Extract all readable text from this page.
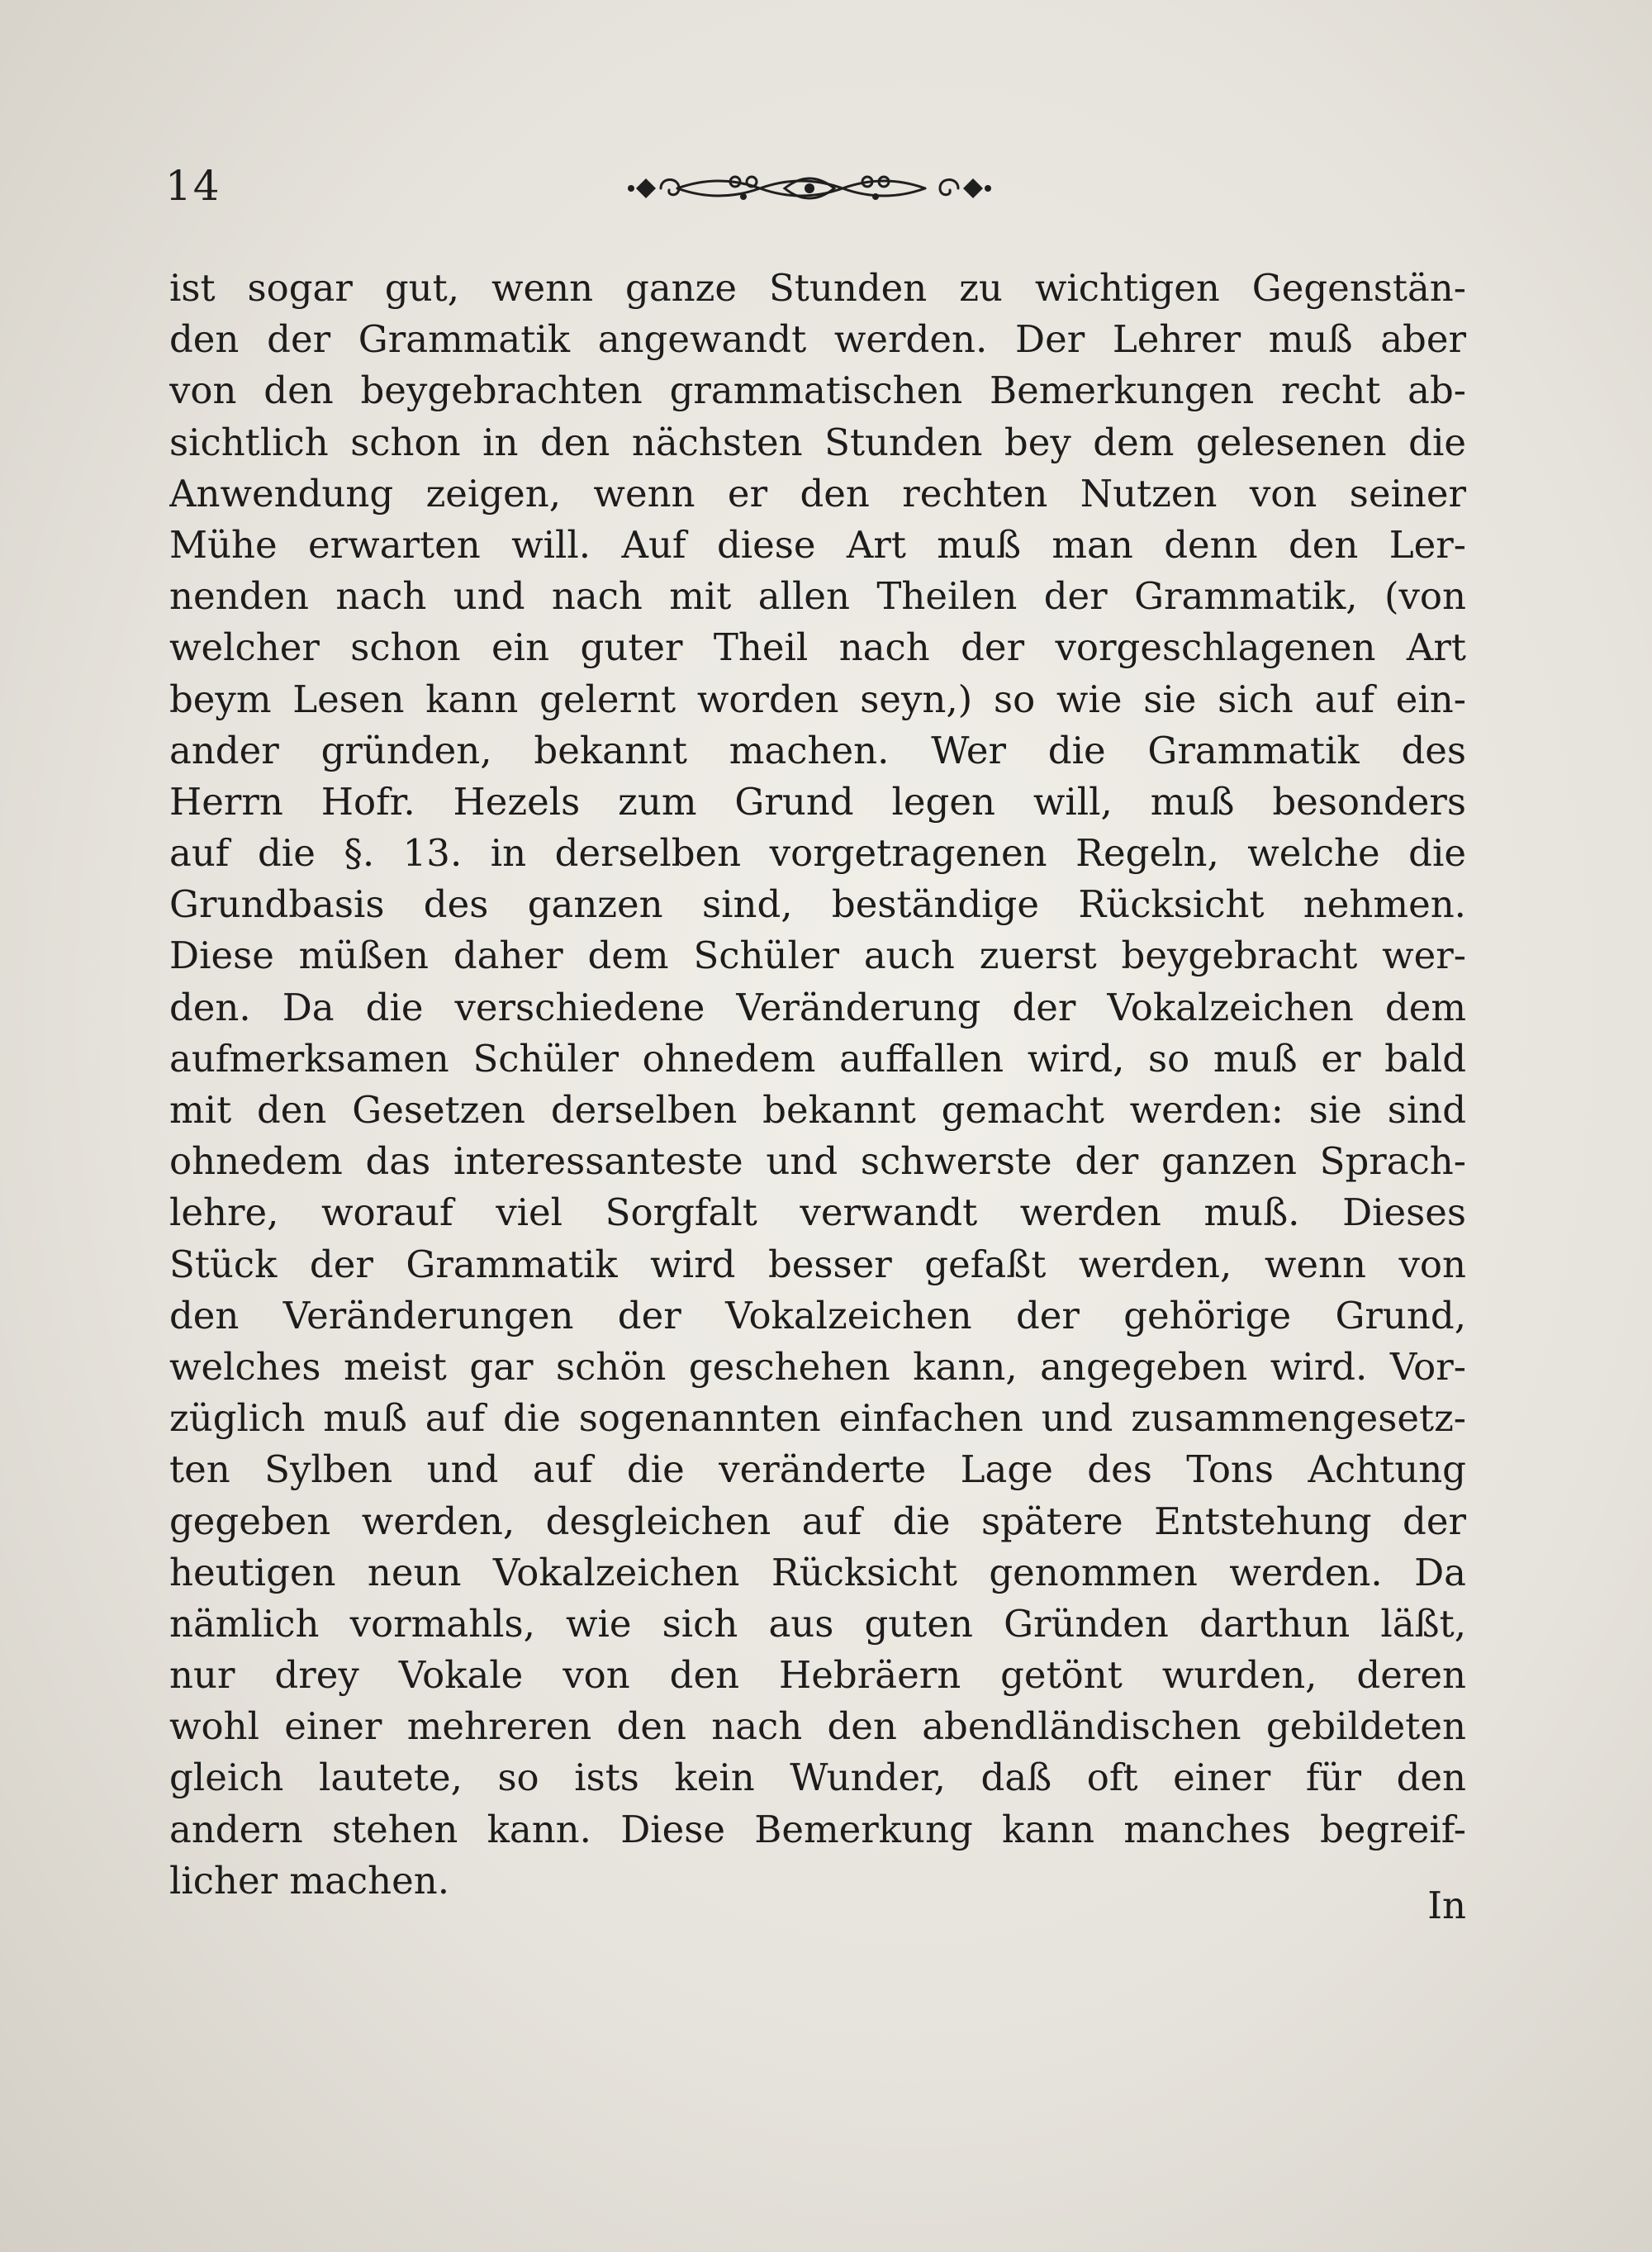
14
ist sogar gut, wenn ganze Stunden zu wichtigen Gegenstän-
den der Grammatik angewandt werden. Der Lehrer muß aber
von den beygebrachten grammatischen Bemerkungen recht ab-
sichtlich schon in den nächsten Stunden bey dem gelesenen die
Anwendung zeigen, wenn er den rechten Nutzen von seiner
Mühe erwarten will. Auf diese Art muß man denn den Ler-
nenden nach und nach mit allen Theilen der Grammatik, (von
welcher schon ein guter Theil nach der vorgeschlagenen Art
beym Lesen kann gelernt worden seyn,) so wie sie sich auf ein-
ander gründen, bekannt machen. Wer die Grammatik des
Herrn Hofr. Hezels zum Grund legen will, muß besonders
auf die §. 13. in derselben vorgetragenen Regeln, welche die
Grundbasis des ganzen sind, beständige Rücksicht nehmen.
Diese müßen daher dem Schüler auch zuerst beygebracht wer-
den. Da die verschiedene Veränderung der Vokalzeichen dem
aufmerksamen Schüler ohnedem auffallen wird, so muß er bald
mit den Gesetzen derselben bekannt gemacht werden: sie sind
ohnedem das interessanteste und schwerste der ganzen Sprach-
lehre, worauf viel Sorgfalt verwandt werden muß. Dieses
Stück der Grammatik wird besser gefaßt werden, wenn von
den Veränderungen der Vokalzeichen der gehörige Grund,
welches meist gar schön geschehen kann, angegeben wird. Vor-
züglich muß auf die sogenannten einfachen und zusammengesetz-
ten Sylben und auf die veränderte Lage des Tons Achtung
gegeben werden, desgleichen auf die spätere Entstehung der
heutigen neun Vokalzeichen Rücksicht genommen werden. Da
nämlich vormahls, wie sich aus guten Gründen darthun läßt,
nur drey Vokale von den Hebräern getönt wurden, deren
wohl einer mehreren den nach den abendländischen gebildeten
gleich lautete, so ists kein Wunder, daß oft einer für den
andern stehen kann. Diese Bemerkung kann manches begreif-
licher machen.
In
